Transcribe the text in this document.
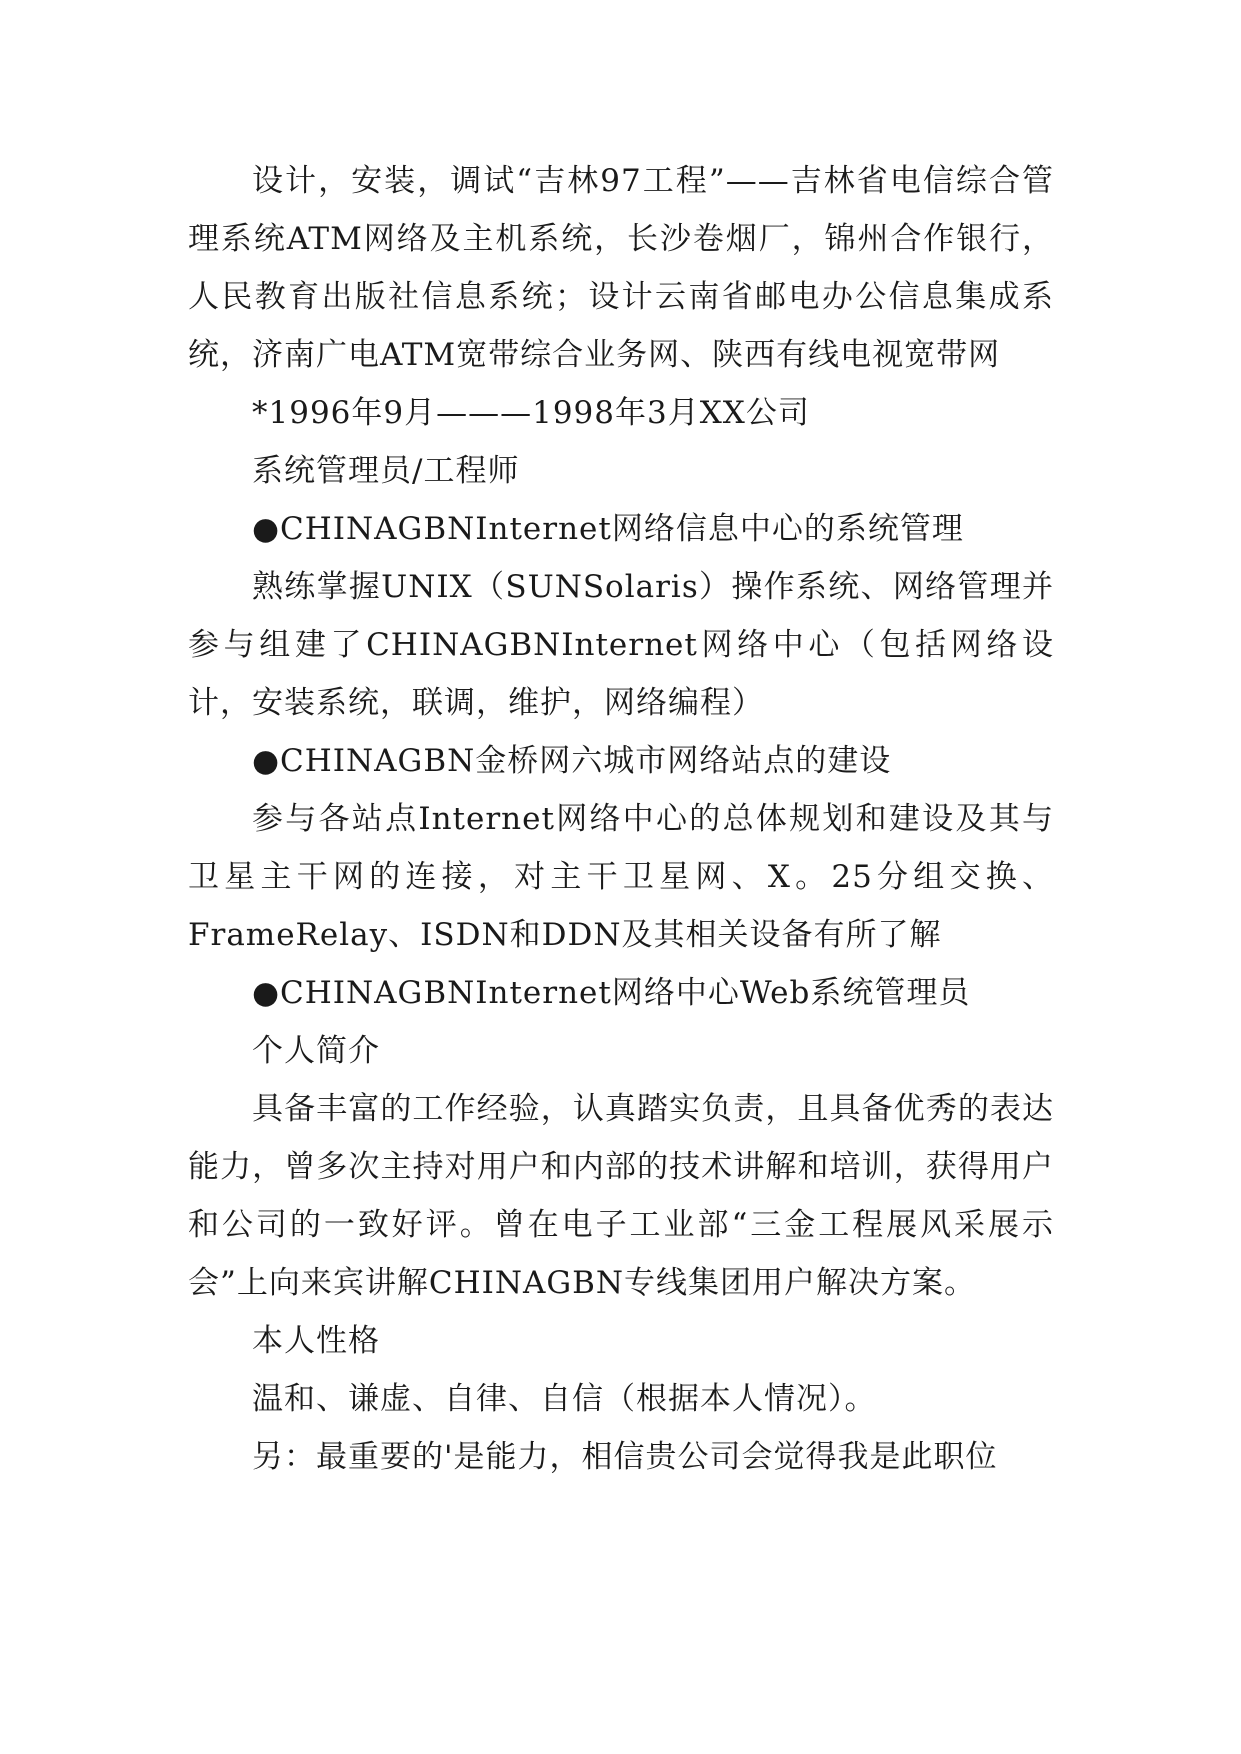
设计，安装，调试“吉林97工程”——吉林省电信综合管理系统ATM网络及主机系统，长沙卷烟厂，锦州合作银行，人民教育出版社信息系统；设计云南省邮电办公信息集成系统，济南广电ATM宽带综合业务网、陕西有线电视宽带网

*1996年9月———1998年3月XX公司

系统管理员/工程师

●CHINAGBNInternet网络信息中心的系统管理

熟练掌握UNIX（SUNSolaris）操作系统、网络管理并参与组建了CHINAGBNInternet网络中心（包括网络设计，安装系统，联调，维护，网络编程）

●CHINAGBN金桥网六城市网络站点的建设

参与各站点Internet网络中心的总体规划和建设及其与卫星主干网的连接，对主干卫星网、X。25分组交换、FrameRelay、ISDN和DDN及其相关设备有所了解

●CHINAGBNInternet网络中心Web系统管理员

个人简介

具备丰富的工作经验，认真踏实负责，且具备优秀的表达能力，曾多次主持对用户和内部的技术讲解和培训，获得用户和公司的一致好评。曾在电子工业部“三金工程展风采展示会”上向来宾讲解CHINAGBN专线集团用户解决方案。

本人性格

温和、谦虚、自律、自信（根据本人情况）。

另：最重要的'是能力，相信贵公司会觉得我是此职位
